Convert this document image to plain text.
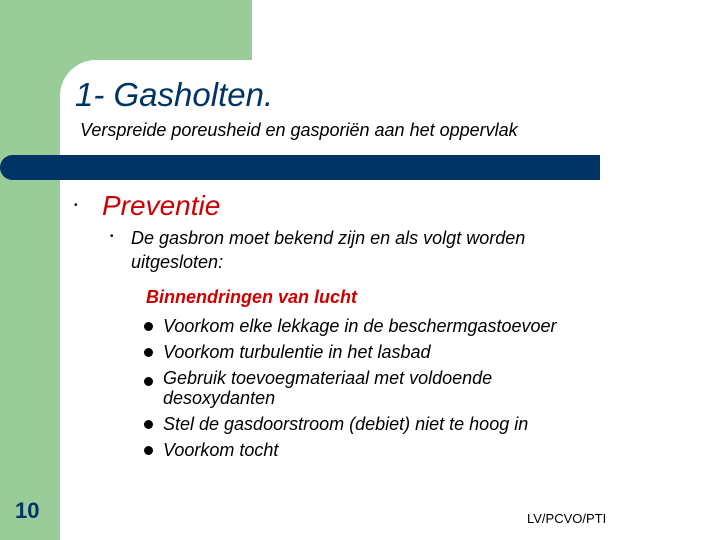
1- Gasholten.
Verspreide poreusheid en gasporiën aan het oppervlak
• Preventie
• De gasbron moet bekend zijn en als volgt worden uitgesloten:
Binnendringen van lucht
Voorkom elke lekkage in de beschermgastoevoer
Voorkom turbulentie in het lasbad
Gebruik toevoegmateriaal met voldoende desoxydanten
Stel de gasdoorstroom (debiet) niet te hoog in
Voorkom tocht
10	LV/PCVO/PTI
